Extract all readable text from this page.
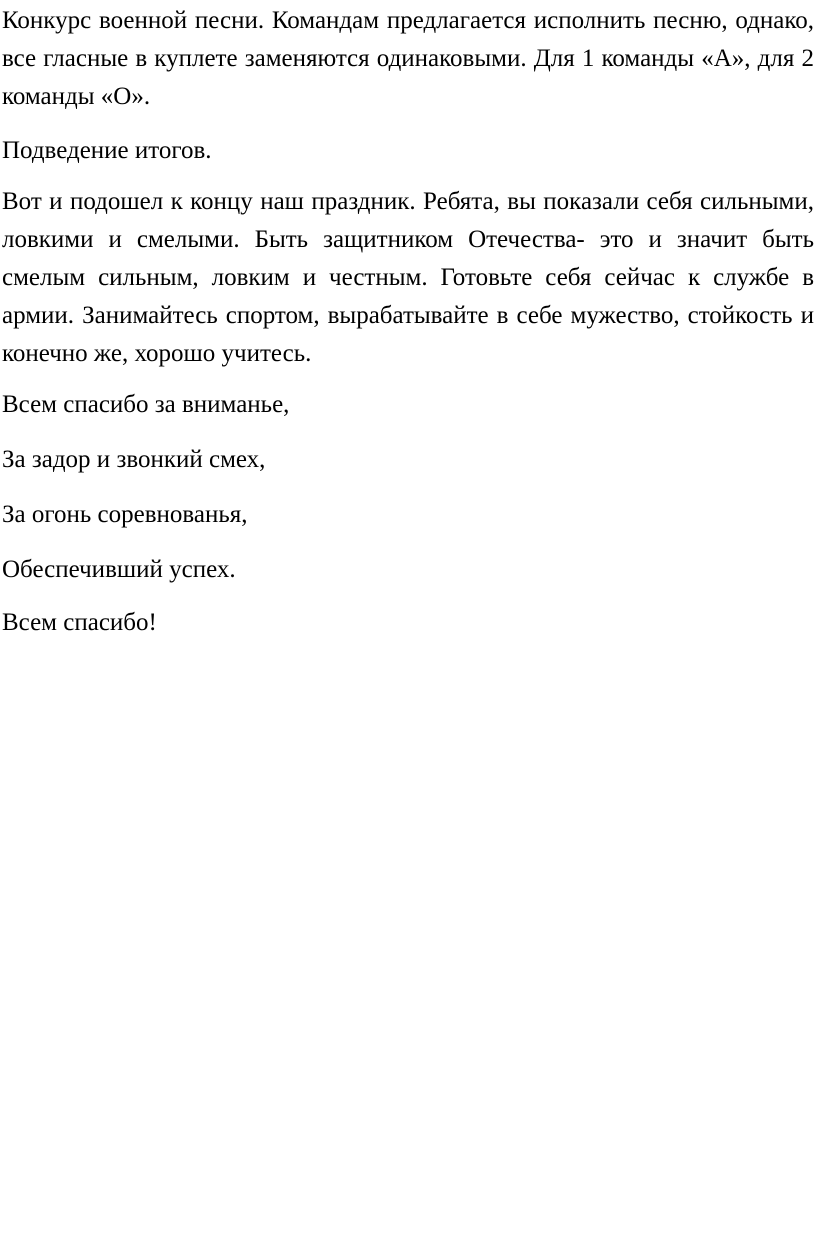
Конкурс военной песни. Командам предлагается исполнить песню, однако, все гласные в куплете заменяются одинаковыми. Для 1 команды «А», для 2 команды «О».

Подведение итогов.

Вот и подошел к концу наш праздник. Ребята, вы показали себя сильными, ловкими и смелыми. Быть защитником Отечества- это и значит быть смелым сильным, ловким и честным. Готовьте себя сейчас к службе в армии. Занимайтесь спортом, вырабатывайте в себе мужество, стойкость и конечно же, хорошо учитесь.

Всем спасибо за вниманье,

За задор и звонкий смех,

За огонь соревнованья,

Обеспечивший успех.

Всем спасибо!
